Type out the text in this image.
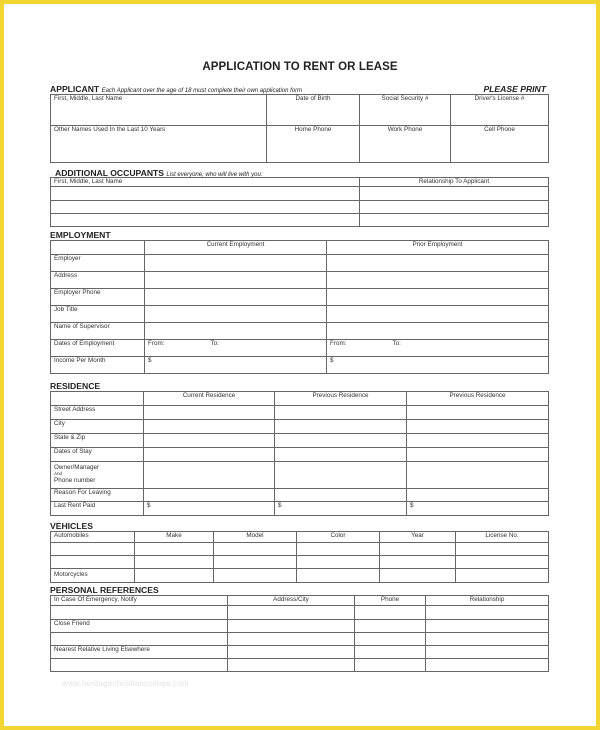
APPLICATION TO RENT OR LEASE
APPLICANT Each Applicant over the age of 18 must complete their own application form	PLEASE PRINT
First, Middle, Last Name	Date of Birth	Social Security #	Driver's License #
Other Names Used In the Last 10 Years	Home Phone	Work Phone	Cell Phone
ADDITIONAL OCCUPANTS List everyone, who will live with you:
First, Middle, Last Name	Relationship To Applicant

EMPLOYMENT
	Current Employment	Prior Employment
Employer		
Address		
Employer Phone		
Job Title		
Name of Supervisor		
Dates of Employment	From: To:	From: To:
Income Per Month	$	$
RESIDENCE
	Current Residence	Previous Residence	Previous Residence
Street Address			
City			
State & Zip			
Dates of Stay			

Owner/Manager
And
Phone number			

Reason For Leaving			
Last Rent Paid	$	$	$
VEHICLES
Automobiles	Make	Model	Color	Year	License No.

Motorcycles					
PERSONAL REFERENCES
In Case Of Emergency, Notify	Address/City	Phone	Relationship

Close Friend			

Nearest Relative Living Elsewhere			

www.heritagechristiancollege.com
